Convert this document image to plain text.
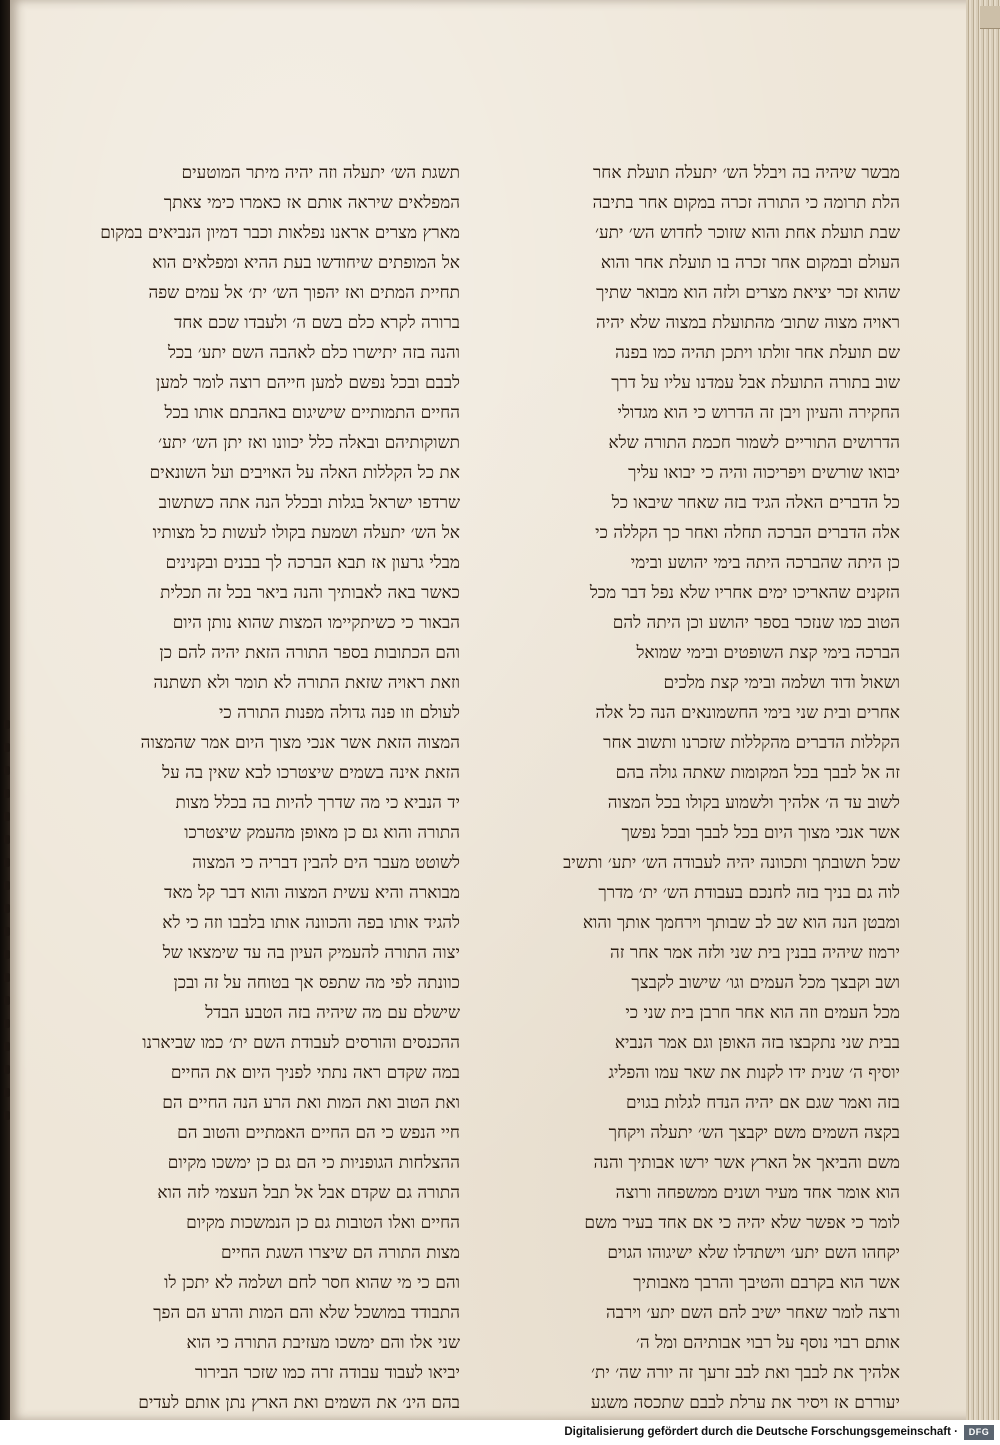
מבשר שיהיה בה ויבלל הש׳ יתעלה תועלת אחר
הלת תרומה כי התורה זכרה במקום אחר בתיבה
שבת תועלת אחת והוא שזוכר לחדוש הש׳ יתע׳
העולם ובמקום אחר זכרה בו תועלת אחר והוא
שהוא זכר יציאת מצרים ולזה הוא מבואר שתיך
ראויה מצוה שתוב׳ מהתועלת במצוה שלא יהיה
שם תועלת אחר זולתו ויתכן תהיה כמו בפנה
שוב בתורה התועלת אבל עמדנו עליו על דרך
החקירה והעיון ויבן זה הדרוש כי הוא מגדולי
הדרושים התוריים לשמור חכמת התורה שלא
יבואו שורשים ויפריכוה והיה כי יבואו עליך
כל הדברים האלה הגיד בזה שאחר שיבאו כל
אלה הדברים הברכה תחלה ואחר כך הקללה כי
כן היתה שהברכה היתה בימי יהושע ובימי
הזקנים שהאריכו ימים אחריו שלא נפל דבר מכל
הטוב כמו שנזכר בספר יהושע וכן היתה להם
הברכה בימי קצת השופטים ובימי שמואל
ושאול ודוד ושלמה ובימי קצת מלכים
אחרים ובית שני בימי החשמונאים הנה כל אלה
הקללות הדברים מהקללות שזכרנו ותשוב אחר
זה אל לבבך בכל המקומות שאתה גולה בהם
לשוב עד ה׳ אלהיך ולשמוע בקולו בכל המצוה
אשר אנכי מצוך היום בכל לבבך ובכל נפשך
שכל תשובתך ותכוונה יהיה לעבודה הש׳ יתע׳ ותשיב
לוה גם בניך בזה לחנכם בעבודת הש׳ ית׳ מדרך
ומבטן הנה הוא שב לב שבותך וירחמך אותך והוא
ירמוז שיהיה בבנין בית שני ולזה אמר אחר זה
ושב וקבצך מכל העמים וגו׳ שישוב לקבצך
מכל העמים וזה הוא אחר חרבן בית שני כי
בבית שני נתקבצו בזה האופן וגם אמר הנביא
יוסיף ה׳ שנית ידו לקנות את שאר עמו והפליג
בזה ואמר שגם אם יהיה הנדח לגלות בגוים
בקצה השמים משם יקבצך הש׳ יתעלה ויקחך
משם והביאך אל הארץ אשר ירשו אבותיך והנה
הוא אומר אחד מעיר ושנים ממשפחה ורוצה
לומר כי אפשר שלא יהיה כי אם אחד בעיר משם
יקחהו השם יתע׳ וישתדלו שלא ישיגוהו הגוים
אשר הוא בקרבם והטיבך והרבך מאבותיך
ורצה לומר שאחר ישיב להם השם יתע׳ וירבה
אותם רבוי נוסף על רבוי אבותיהם ומל ה׳
אלהיך את לבבך ואת לבב זרעך זה יורה שה׳ ית׳
יעוררם אז ויסיר את ערלת לבבם שתכסה משגע
תשגת הש׳ יתעלה וזה יהיה מיתר המוטעים
המפלאים שיראה אותם אז כאמרו כימי צאתך
מארץ מצרים אראנו נפלאות וכבר דמיון הנביאים במקום
אל המופתים שיחודשו בעת ההיא ומפלאים הוא
תחיית המתים ואז יהפוך הש׳ ית׳ אל עמים שפה
ברורה לקרא כלם בשם ה׳ ולעבדו שכם אחד
והנה בזה יתישרו כלם לאהבה השם יתע׳ בכל
לבבם ובכל נפשם למען חייהם רוצה לומר למען
החיים התמותיים שישיגום באהבתם אותו בכל
תשוקותיהם ובאלה כלל יכוונו ואז יתן הש׳ יתע׳
את כל הקללות האלה על האויבים ועל השונאים
שרדפו ישראל בגלות ובכלל הנה אתה כשתשוב
אל הש׳ יתעלה ושמעת בקולו לעשות כל מצותיו
מבלי גרעון אז תבא הברכה לך בבנים ובקנינים
כאשר באה לאבותיך והנה ביאר בכל זה תכלית
הבאור כי כשיתקיימו המצות שהוא נותן היום
והם הכתובות בספר התורה הזאת יהיה להם כן
וזאת ראויה שזאת התורה לא תומר ולא תשתנה
לעולם וזו פנה גדולה מפנות התורה כי
המצוה הזאת אשר אנכי מצוך היום אמר שהמצוה
הזאת אינה בשמים שיצטרכו לבא שאין בה על
יד הנביא כי מה שדרך להיות בה בכלל מצות
התורה והוא גם כן מאופן מהעמק שיצטרכו
לשוטט מעבר הים להבין דבריה כי המצוה
מבוארה והיא עשית המצוה והוא דבר קל מאד
להגיד אותו בפה והכוונה אותו בלבבו וזה כי לא
יצוה התורה להעמיק העיון בה עד שימצאו של
כוונתה לפי מה שתפס אך בטוחה על זה ובכן
שישלם עם מה שיהיה בזה הטבע הבדל
ההכנסים והורסים לעבודת השם ית׳ כמו שביארנו
במה שקדם ראה נתתי לפניך היום את החיים
ואת הטוב ואת המות ואת הרע הנה החיים הם
חיי הנפש כי הם החיים האמתיים והטוב הם
ההצלחות הגופניות כי הם גם כן ימשכו מקיום
התורה גם שקדם אבל אל תבל העצמי לזה הוא
החיים ואלו הטובות גם כן הנמשכות מקיום
מצות התורה הם שיצרו השגת החיים
והם כי מי שהוא חסר לחם ושלמה לא יתכן לו
התבודד במושכל שלא והם המות והרע הם הפך
שני אלו והם ימשכו מעזיבת התורה כי הוא
יביאו לעבוד עבודה זרה כמו שזכר הבירור
בהם הינ׳ את השמים ואת הארץ נתן אותם לעדים
Digitalisierung gefördert durch die Deutsche Forschungsgemeinschaft ·	DFG
